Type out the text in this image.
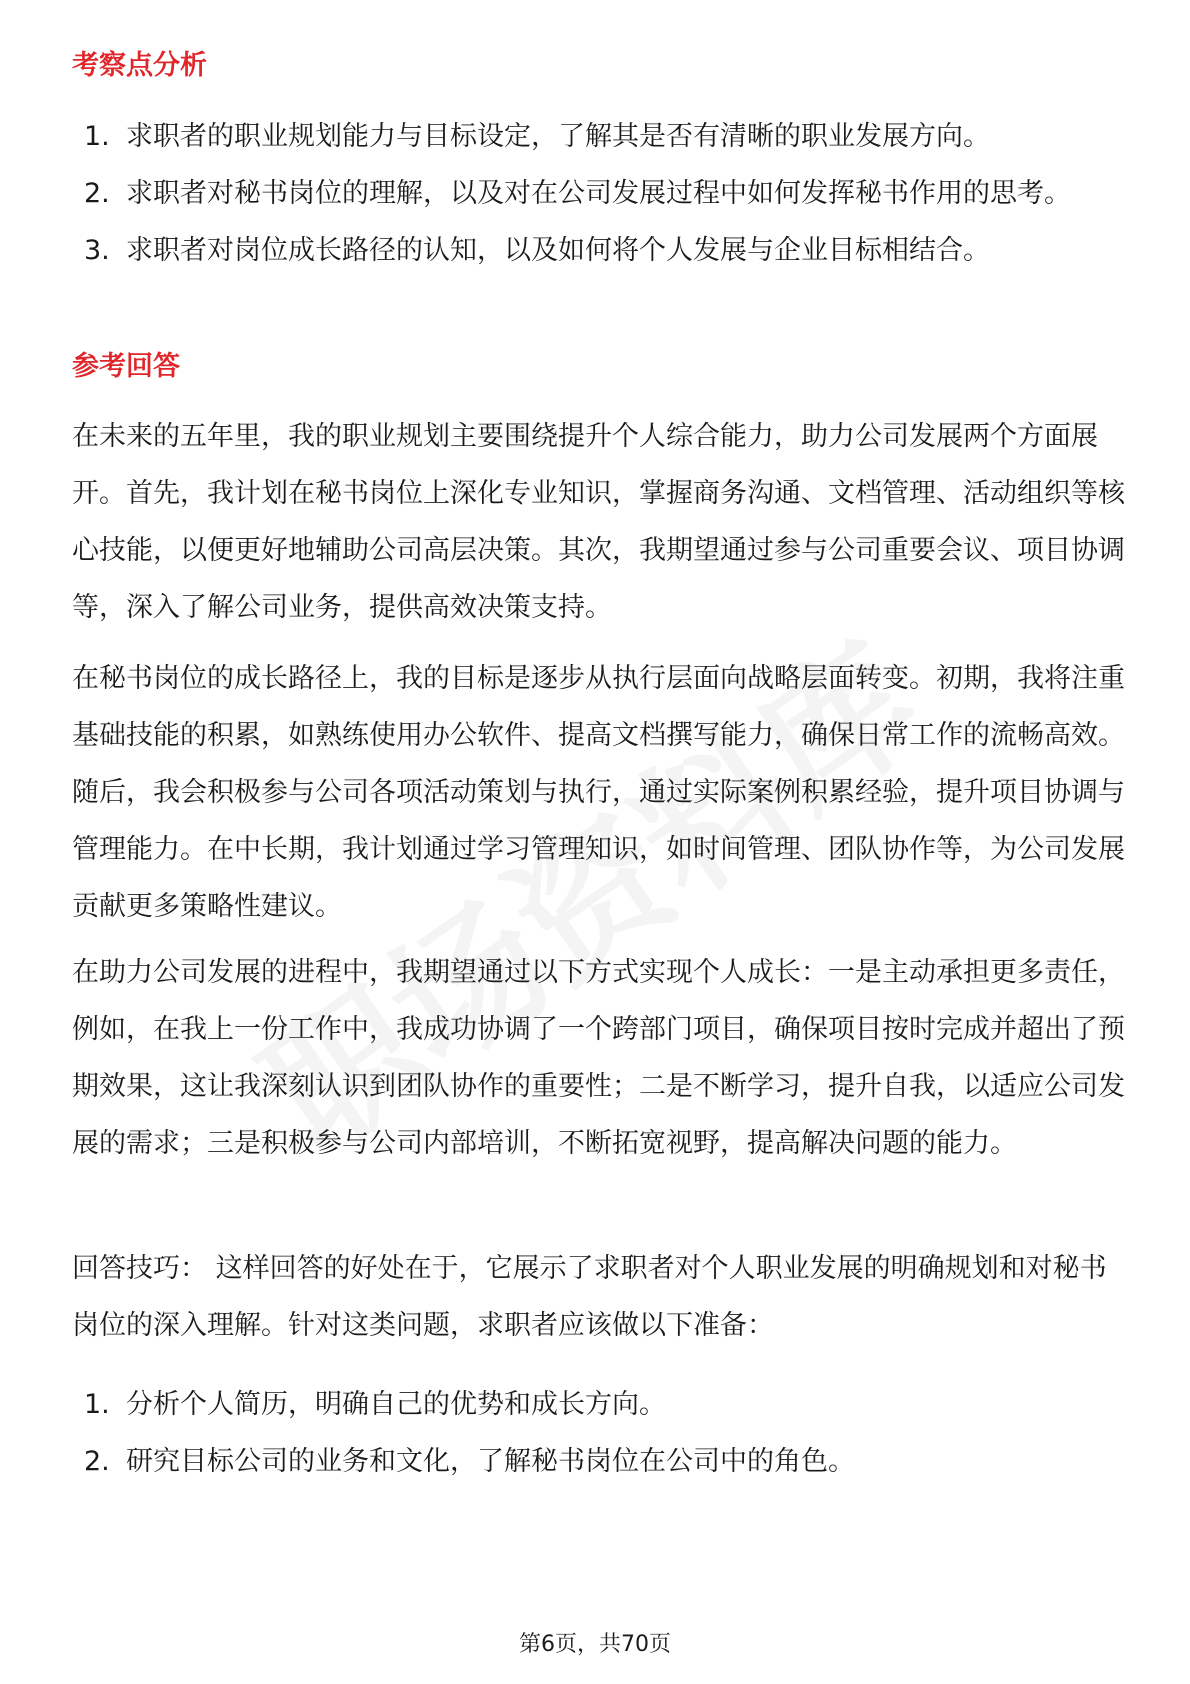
考察点分析
1. 求职者的职业规划能力与目标设定，了解其是否有清晰的职业发展方向。
2. 求职者对秘书岗位的理解，以及对在公司发展过程中如何发挥秘书作用的思考。
3. 求职者对岗位成长路径的认知，以及如何将个人发展与企业目标相结合。
参考回答

在未来的五年里，我的职业规划主要围绕提升个人综合能力，助力公司发展两个方面展开。首先，我计划在秘书岗位上深化专业知识，掌握商务沟通、文档管理、活动组织等核心技能，以便更好地辅助公司高层决策。其次，我期望通过参与公司重要会议、项目协调等，深入了解公司业务，提供高效决策支持。

在秘书岗位的成长路径上，我的目标是逐步从执行层面向战略层面转变。初期，我将注重基础技能的积累，如熟练使用办公软件、提高文档撰写能力，确保日常工作的流畅高效。随后，我会积极参与公司各项活动策划与执行，通过实际案例积累经验，提升项目协调与管理能力。在中长期，我计划通过学习管理知识，如时间管理、团队协作等，为公司发展贡献更多策略性建议。

在助力公司发展的进程中，我期望通过以下方式实现个人成长：一是主动承担更多责任，例如，在我上一份工作中，我成功协调了一个跨部门项目，确保项目按时完成并超出了预期效果，这让我深刻认识到团队协作的重要性；二是不断学习，提升自我，以适应公司发展的需求；三是积极参与公司内部培训，不断拓宽视野，提高解决问题的能力。

回答技巧： 这样回答的好处在于，它展示了求职者对个人职业发展的明确规划和对秘书岗位的深入理解。针对这类问题，求职者应该做以下准备：

1. 分析个人简历，明确自己的优势和成长方向。
2. 研究目标公司的业务和文化，了解秘书岗位在公司中的角色。

第6页，共70页
